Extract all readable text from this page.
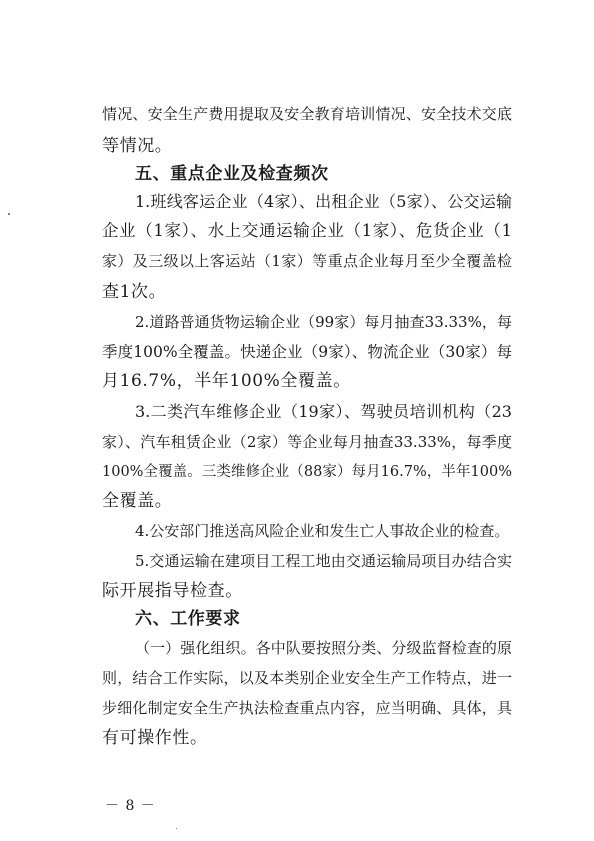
情况、安全生产费用提取及安全教育培训情况、安全技术交底
等情况。
五、重点企业及检查频次
1.班线客运企业（4家）、出租企业（5家）、公交运输
企业（1家）、水上交通运输企业（1家）、危货企业（1
家）及三级以上客运站（1家）等重点企业每月至少全覆盖检
查1次。
2.道路普通货物运输企业（99家）每月抽查33.33%，每
季度100%全覆盖。快递企业（9家）、物流企业（30家）每
月16.7%，半年100%全覆盖。
3.二类汽车维修企业（19家）、驾驶员培训机构（23
家）、汽车租赁企业（2家）等企业每月抽查33.33%，每季度
100%全覆盖。三类维修企业（88家）每月16.7%，半年100%
全覆盖。
4.公安部门推送高风险企业和发生亡人事故企业的检查。
5.交通运输在建项目工程工地由交通运输局项目办结合实
际开展指导检查。
六、工作要求
（一）强化组织。各中队要按照分类、分级监督检查的原
则，结合工作实际，以及本类别企业安全生产工作特点，进一
步细化制定安全生产执法检查重点内容，应当明确、具体，具
有可操作性。
－ 8 －
